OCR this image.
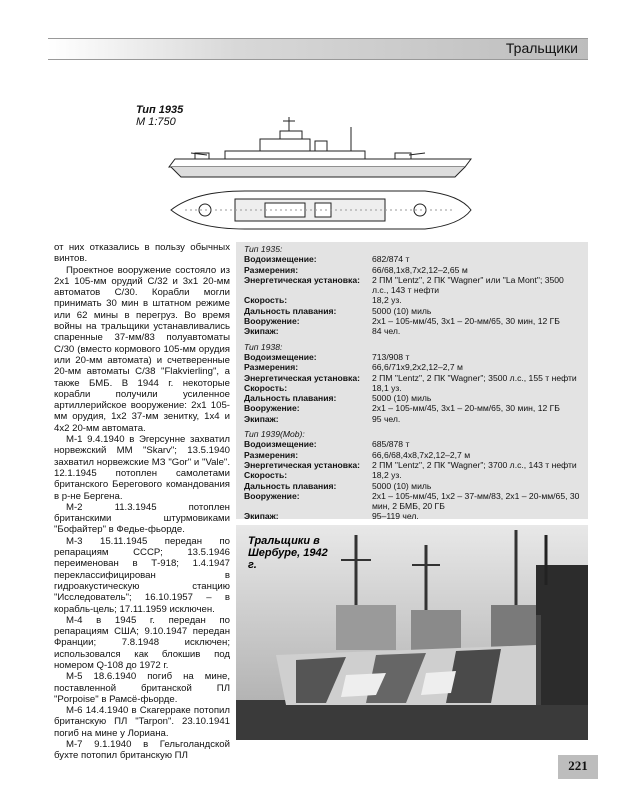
Тральщики
Тип 1935
М 1:750

от них отказались в пользу обычных винтов.

Проектное вооружение состояло из 2х1 105-мм орудий С/32 и 3х1 20-мм автоматов С/30. Корабли могли принимать 30 мин в штатном режиме или 62 мины в перегруз. Во время войны на тральщики устанавливались спаренные 37-мм/83 полуавтоматы С/30 (вместо кормового 105-мм орудия или 20-мм автомата) и счетверенные 20-мм автоматы С/38 "Flakvierling", а также БМБ. В 1944 г. некоторые корабли получили усиленное артиллерийское вооружение: 2х1 105-мм орудия, 1х2 37-мм зенитку, 1х4 и 4х2 20-мм автомата.

М-1 9.4.1940 в Эгерсунне захватил норвежский ММ "Skarv"; 13.5.1940 захватил норвежские МЗ "Gor" и "Vale". 12.1.1945 потоплен самолетами британского Берегового командования в р-не Бергена.

М-2 11.3.1945 потоплен британскими штурмовиками "Бофайтер" в Федье-фьорде.

М-3 15.11.1945 передан по репарациям СССР; 13.5.1946 переименован в Т-918; 1.4.1947 переклассифицирован в гидроакустическую станцию "Исследователь"; 16.10.1957 – в корабль-цель; 17.11.1959 исключен.

М-4 в 1945 г. передан по репарациям США; 9.10.1947 передан Франции; 7.8.1948 исключен; использовался как блокшив под номером Q-108 до 1972 г.

М-5 18.6.1940 погиб на мине, поставленной британской ПЛ "Porpoise" в Рамсё-фьорде.

М-6 14.4.1940 в Скагерраке потопил британскую ПЛ "Tarpon". 23.10.1941 погиб на мине у Лориана.

М-7 9.1.1940 в Гельголандской бухте потопил британскую ПЛ

Тип 1935:
Водоизмещение:	682/874 т
Размерения:	66/68,1х8,7х2,12–2,65 м
Энергетическая установка:	2 ПМ "Lentz", 2 ПК "Wagner" или "La Mont"; 3500 л.с., 143 т нефти
Скорость:	18,2 уз.
Дальность плавания:	5000 (10) миль
Вооружение:	2х1 – 105-мм/45, 3х1 – 20-мм/65, 30 мин, 12 ГБ
Экипаж:	84 чел.
Тип 1938:
Водоизмещение:	713/908 т
Размерения:	66,6/71х9,2х2,12–2,7 м
Энергетическая установка:	2 ПМ "Lentz", 2 ПК "Wagner"; 3500 л.с., 155 т нефти
Скорость:	18,1 уз.
Дальность плавания:	5000 (10) миль
Вооружение:	2х1 – 105-мм/45, 3х1 – 20-мм/65, 30 мин, 12 ГБ
Экипаж:	95 чел.
Тип 1939(Mob):
Водоизмещение:	685/878 т
Размерения:	66,6/68,4х8,7х2,12–2,7 м
Энергетическая установка:	2 ПМ "Lentz", 2 ПК "Wagner"; 3700 л.с., 143 т нефти
Скорость:	18,2 уз.
Дальность плавания:	5000 (10) миль
Вооружение:	2х1 – 105-мм/45, 1х2 – 37-мм/83, 2х1 – 20-мм/65, 30 мин, 2 БМБ, 20 ГБ
Экипаж:	95–119 чел.
Тральщики в Шербуре, 1942 г.
221
